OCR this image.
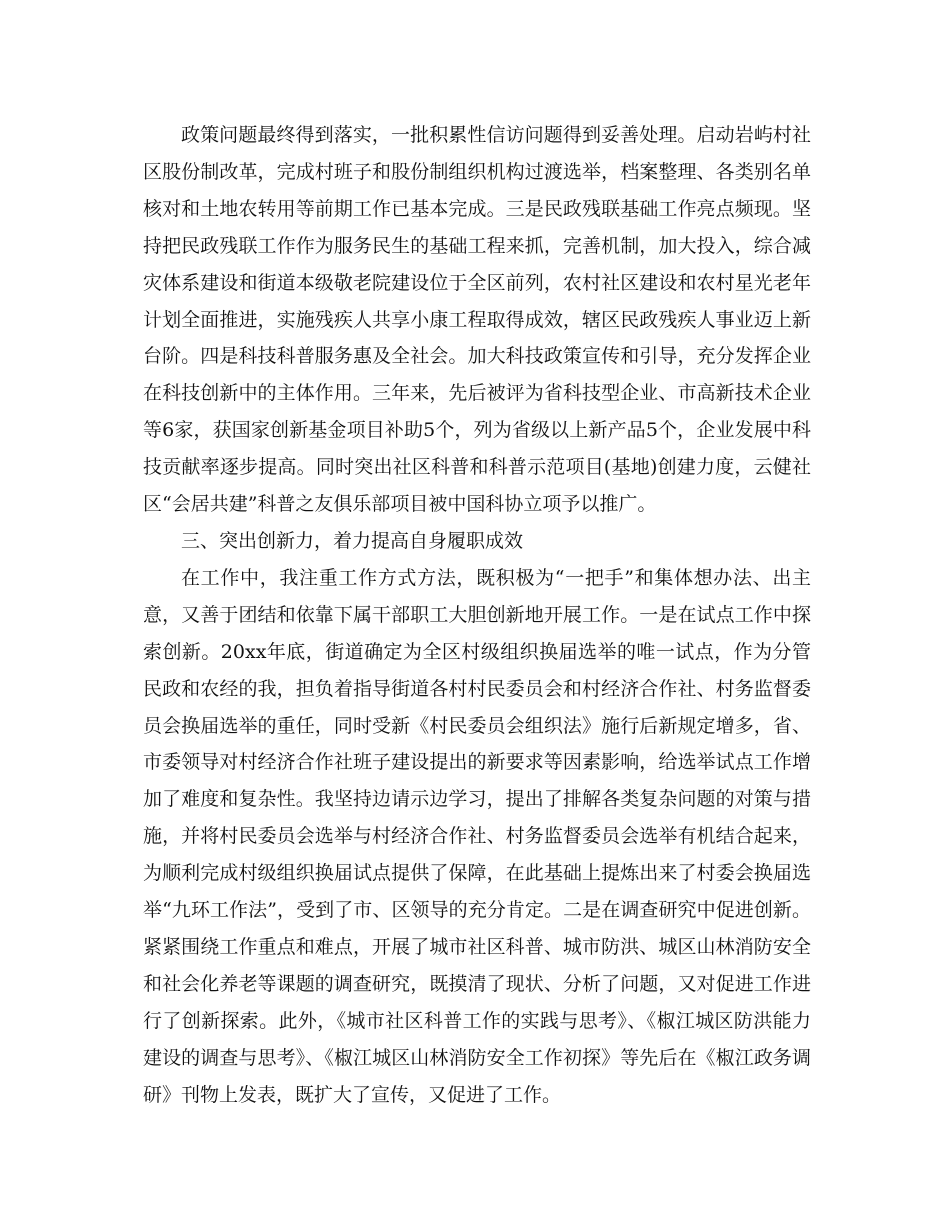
政策问题最终得到落实，一批积累性信访问题得到妥善处理。启动岩屿村社区股份制改革，完成村班子和股份制组织机构过渡选举，档案整理、各类别名单核对和土地农转用等前期工作已基本完成。三是民政残联基础工作亮点频现。坚持把民政残联工作作为服务民生的基础工程来抓，完善机制，加大投入，综合减灾体系建设和街道本级敬老院建设位于全区前列，农村社区建设和农村星光老年计划全面推进，实施残疾人共享小康工程取得成效，辖区民政残疾人事业迈上新台阶。四是科技科普服务惠及全社会。加大科技政策宣传和引导，充分发挥企业在科技创新中的主体作用。三年来，先后被评为省科技型企业、市高新技术企业等6家，获国家创新基金项目补助5个，列为省级以上新产品5个，企业发展中科技贡献率逐步提高。同时突出社区科普和科普示范项目(基地)创建力度，云健社区“会居共建”科普之友俱乐部项目被中国科协立项予以推广。

三、突出创新力，着力提高自身履职成效

在工作中，我注重工作方式方法，既积极为“一把手”和集体想办法、出主意，又善于团结和依靠下属干部职工大胆创新地开展工作。一是在试点工作中探索创新。20xx年底，街道确定为全区村级组织换届选举的唯一试点，作为分管民政和农经的我，担负着指导街道各村村民委员会和村经济合作社、村务监督委员会换届选举的重任，同时受新《村民委员会组织法》施行后新规定增多，省、市委领导对村经济合作社班子建设提出的新要求等因素影响，给选举试点工作增加了难度和复杂性。我坚持边请示边学习，提出了排解各类复杂问题的对策与措施，并将村民委员会选举与村经济合作社、村务监督委员会选举有机结合起来，为顺利完成村级组织换届试点提供了保障，在此基础上提炼出来了村委会换届选举“九环工作法”，受到了市、区领导的充分肯定。二是在调查研究中促进创新。紧紧围绕工作重点和难点，开展了城市社区科普、城市防洪、城区山林消防安全和社会化养老等课题的调查研究，既摸清了现状、分析了问题，又对促进工作进行了创新探索。此外，《城市社区科普工作的实践与思考》、《椒江城区防洪能力建设的调查与思考》、《椒江城区山林消防安全工作初探》等先后在《椒江政务调研》刊物上发表，既扩大了宣传，又促进了工作。
